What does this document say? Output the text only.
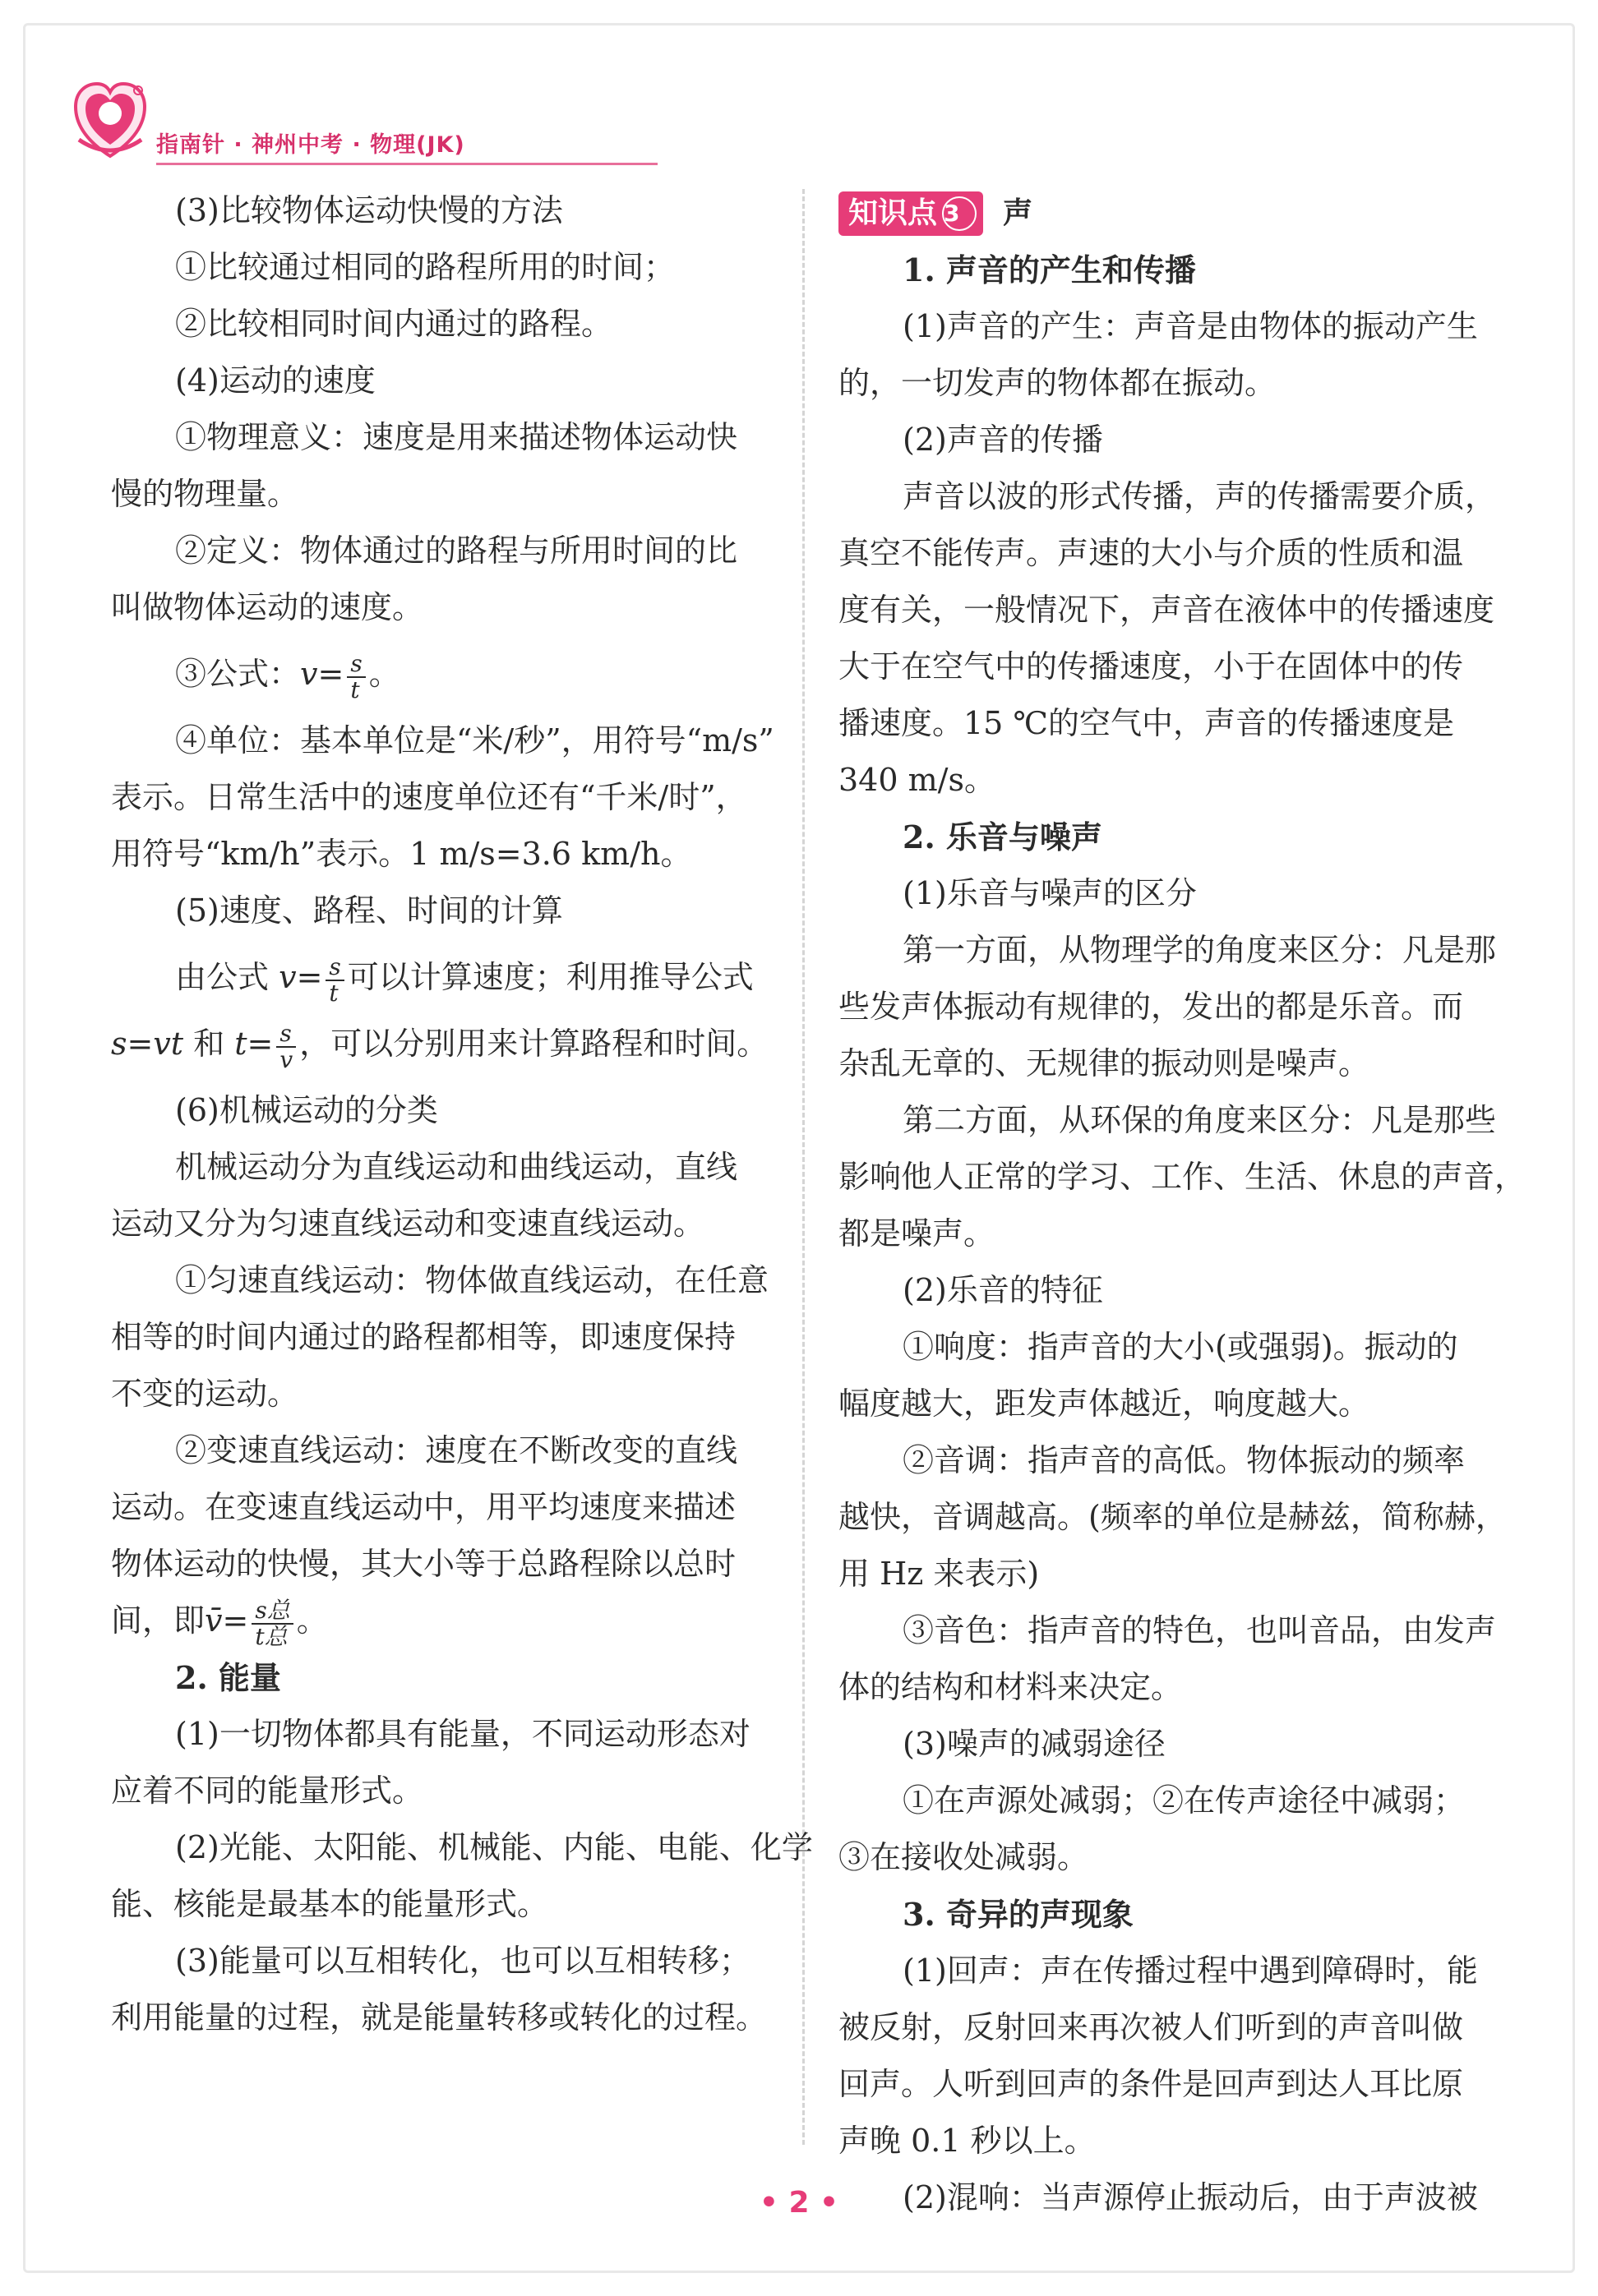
指南针 · 神州中考 · 物理(JK)

(3)比较物体运动快慢的方法

①比较通过相同的路程所用的时间；

②比较相同时间内通过的路程。

(4)运动的速度

①物理意义：速度是用来描述物体运动快

慢的物理量。

②定义：物体通过的路程与所用时间的比

叫做物体运动的速度。

③公式：$v= \frac{s}{t}$ 。

④单位：基本单位是“米/秒”，用符号“m/s”

表示。日常生活中的速度单位还有“千米/时”，

用符号“km/h”表示。1 m/s=3.6 km/h。

(5)速度、路程、时间的计算

由公式 $v= \frac{s}{t}$ 可以计算速度；利用推导公式

s=vt 和 $t= \frac{s}{v}$ ，可以分别用来计算路程和时间。

(6)机械运动的分类

机械运动分为直线运动和曲线运动，直线

运动又分为匀速直线运动和变速直线运动。

①匀速直线运动：物体做直线运动，在任意

相等的时间内通过的路程都相等，即速度保持

不变的运动。

②变速直线运动：速度在不断改变的直线

运动。在变速直线运动中，用平均速度来描述

物体运动的快慢，其大小等于总路程除以总时

间，即v̄= $\frac{\text{s总}}{\text{t总}}$ 。

2. 能量

(1)一切物体都具有能量，不同运动形态对

应着不同的能量形式。

(2)光能、太阳能、机械能、内能、电能、化学

能、核能是最基本的能量形式。

(3)能量可以互相转化，也可以互相转移；

利用能量的过程，就是能量转移或转化的过程。

知识点 3	声

1. 声音的产生和传播

(1)声音的产生：声音是由物体的振动产生

的，一切发声的物体都在振动。

(2)声音的传播

声音以波的形式传播，声的传播需要介质，

真空不能传声。声速的大小与介质的性质和温

度有关，一般情况下，声音在液体中的传播速度

大于在空气中的传播速度，小于在固体中的传

播速度。15 ℃的空气中，声音的传播速度是

340 m/s。

2. 乐音与噪声

(1)乐音与噪声的区分

第一方面，从物理学的角度来区分：凡是那

些发声体振动有规律的，发出的都是乐音。而

杂乱无章的、无规律的振动则是噪声。

第二方面，从环保的角度来区分：凡是那些

影响他人正常的学习、工作、生活、休息的声音，

都是噪声。

(2)乐音的特征

①响度：指声音的大小(或强弱)。振动的

幅度越大，距发声体越近，响度越大。

②音调：指声音的高低。物体振动的频率

越快，音调越高。(频率的单位是赫兹，简称赫，

用 Hz 来表示)

③音色：指声音的特色，也叫音品，由发声

体的结构和材料来决定。

(3)噪声的减弱途径

①在声源处减弱；②在传声途径中减弱；

③在接收处减弱。

3. 奇异的声现象

(1)回声：声在传播过程中遇到障碍时，能

被反射，反射回来再次被人们听到的声音叫做

回声。人听到回声的条件是回声到达人耳比原

声晚 0.1 秒以上。

(2)混响：当声源停止振动后，由于声波被

• 2 •
